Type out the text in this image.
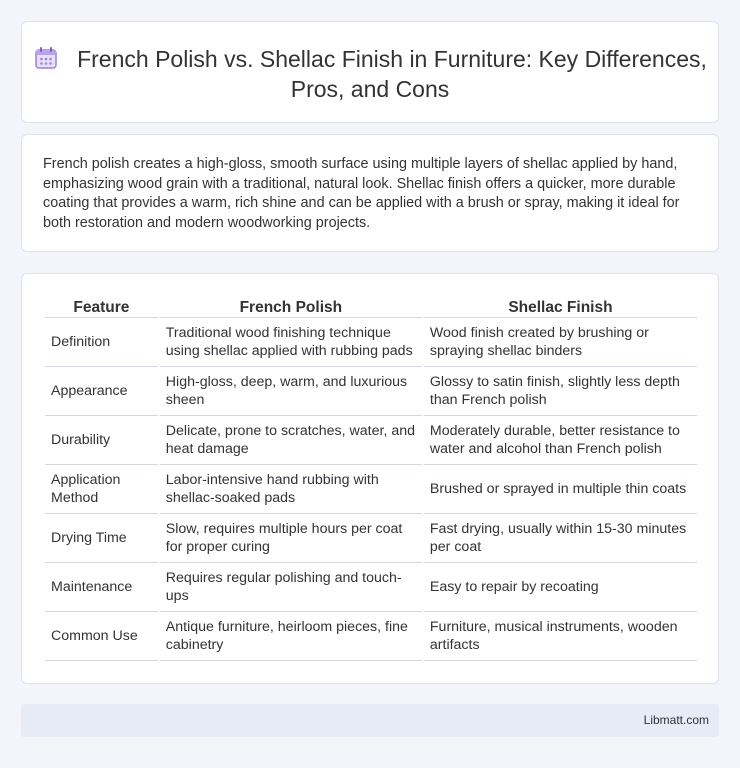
French Polish vs. Shellac Finish in Furniture: Key Differences, Pros, and Cons

French polish creates a high-gloss, smooth surface using multiple layers of shellac applied by hand, emphasizing wood grain with a traditional, natural look. Shellac finish offers a quicker, more durable coating that provides a warm, rich shine and can be applied with a brush or spray, making it ideal for both restoration and modern woodworking projects.

Feature	French Polish	Shellac Finish
Definition	Traditional wood finishing technique using shellac applied with rubbing pads	Wood finish created by brushing or spraying shellac binders
Appearance	High-gloss, deep, warm, and luxurious sheen	Glossy to satin finish, slightly less depth than French polish
Durability	Delicate, prone to scratches, water, and heat damage	Moderately durable, better resistance to water and alcohol than French polish
Application Method	Labor-intensive hand rubbing with shellac-soaked pads	Brushed or sprayed in multiple thin coats
Drying Time	Slow, requires multiple hours per coat for proper curing	Fast drying, usually within 15-30 minutes per coat
Maintenance	Requires regular polishing and touch-ups	Easy to repair by recoating
Common Use	Antique furniture, heirloom pieces, fine cabinetry	Furniture, musical instruments, wooden artifacts
Libmatt.com
